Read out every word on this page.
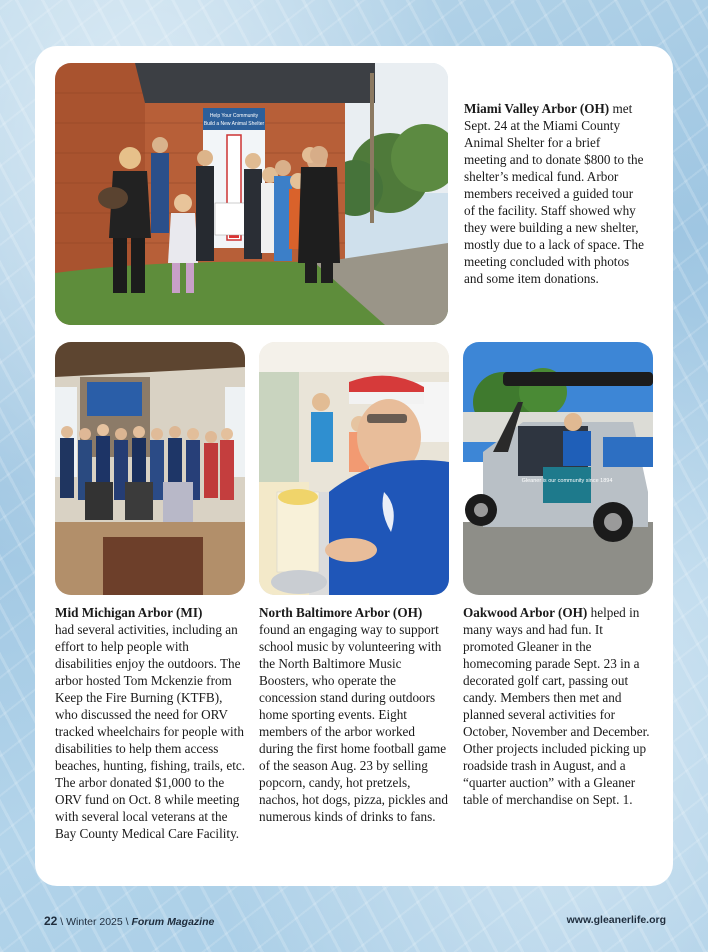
Help Your Community
Build a New Animal Shelter
Miami Valley Arbor (OH) met Sept. 24 at the Miami County Animal Shelter for a brief meeting and to donate $800 to the shelter’s medical fund. Arbor members received a guided tour of the facility. Staff showed why they were building a new shelter, mostly due to a lack of space. The meeting concluded with photos and some item donations.
Mid Michigan Arbor (MI)
had several activities, including an effort to help people with disabilities enjoy the outdoors. The arbor hosted Tom Mckenzie from Keep the Fire Burning (KTFB), who discussed the need for ORV tracked wheelchairs for people with disabilities to help them access beaches, hunting, fishing, trails, etc. The arbor donated $1,000 to the ORV fund on Oct. 8 while meeting with several local veterans at the Bay County Medical Care Facility.
North Baltimore Arbor (OH) found an engaging way to support school music by volunteering with the North Baltimore Music Boosters, who operate the concession stand during outdoors home sporting events. Eight members of the arbor worked during the first home football game of the season Aug. 23 by selling popcorn, candy, hot pretzels, nachos, hot dogs, pizza, pickles and numerous kinds of drinks to fans.
Gleaner is our community since 1894
Oakwood Arbor (OH) helped in many ways and had fun. It promoted Gleaner in the homecoming parade Sept. 23 in a decorated golf cart, passing out candy. Members then met and planned several activities for October, November and December. Other projects included picking up roadside trash in August, and a “quarter auction” with a Gleaner table of merchandise on Sept. 1.
22 \ Winter 2025 \ Forum Magazine	www.gleanerlife.org
